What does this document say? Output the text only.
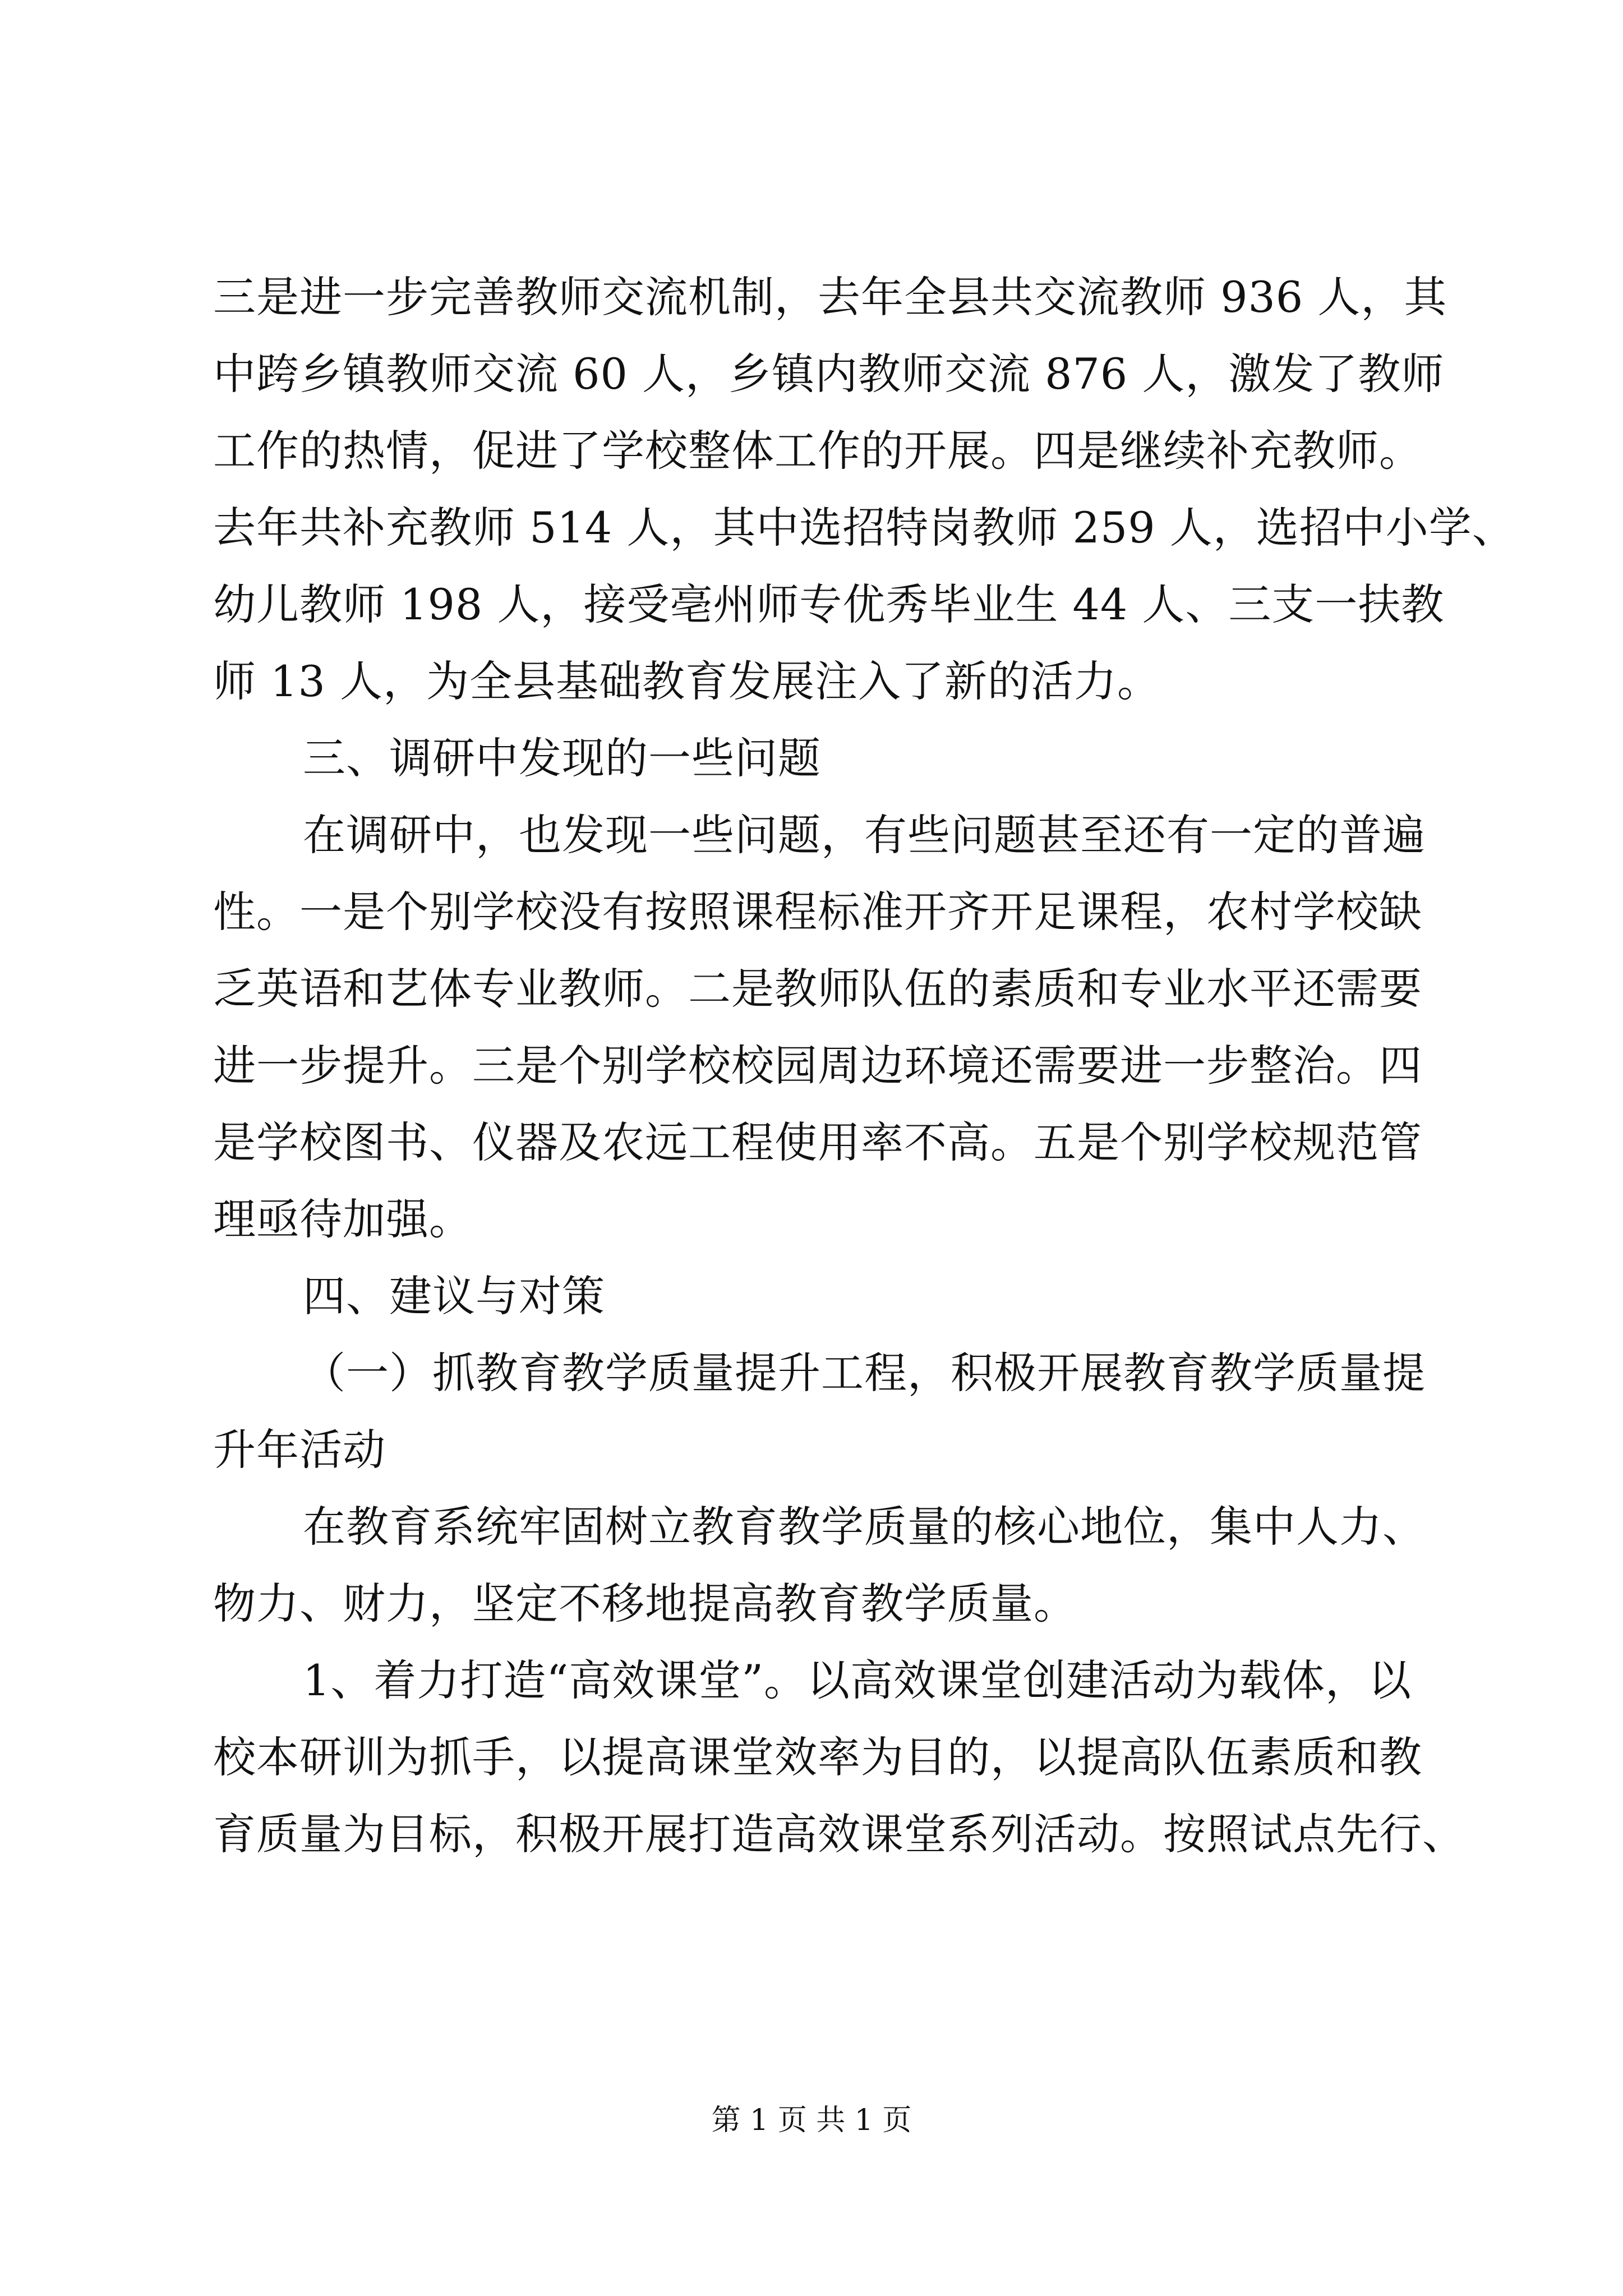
三是进一步完善教师交流机制，去年全县共交流教师 936 人，其
中跨乡镇教师交流 60 人，乡镇内教师交流 876 人，激发了教师
工作的热情，促进了学校整体工作的开展。四是继续补充教师。
去年共补充教师 514 人，其中选招特岗教师 259 人，选招中小学、
幼儿教师 198 人，接受亳州师专优秀毕业生 44 人、三支一扶教
师 13 人，为全县基础教育发展注入了新的活力。
三、调研中发现的一些问题
在调研中，也发现一些问题，有些问题甚至还有一定的普遍
性。一是个别学校没有按照课程标准开齐开足课程，农村学校缺
乏英语和艺体专业教师。二是教师队伍的素质和专业水平还需要
进一步提升。三是个别学校校园周边环境还需要进一步整治。四
是学校图书、仪器及农远工程使用率不高。五是个别学校规范管
理亟待加强。
四、建议与对策
（一）抓教育教学质量提升工程，积极开展教育教学质量提
升年活动
在教育系统牢固树立教育教学质量的核心地位，集中人力、
物力、财力，坚定不移地提高教育教学质量。
1、着力打造“高效课堂”。以高效课堂创建活动为载体，以
校本研训为抓手，以提高课堂效率为目的，以提高队伍素质和教
育质量为目标，积极开展打造高效课堂系列活动。按照试点先行、
第 1 页 共 1 页
